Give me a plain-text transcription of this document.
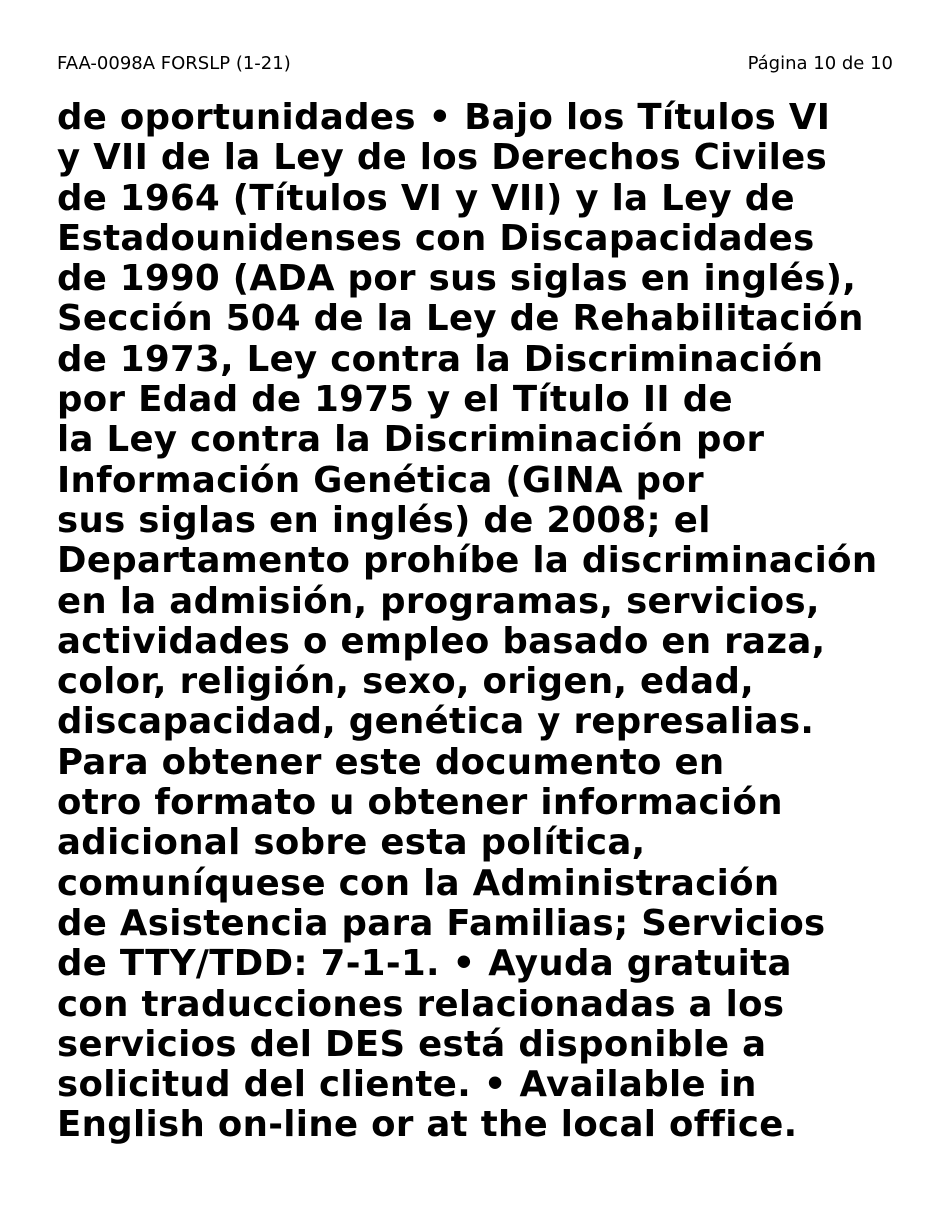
FAA-0098A FORSLP (1-21)	Página 10 de 10
de oportunidades • Bajo los Títulos VI
y VII de la Ley de los Derechos Civiles
de 1964 (Títulos VI y VII) y la Ley de
Estadounidenses con Discapacidades
de 1990 (ADA por sus siglas en inglés),
Sección 504 de la Ley de Rehabilitación
de 1973, Ley contra la Discriminación
por Edad de 1975 y el Título II de
la Ley contra la Discriminación por
Información Genética (GINA por
sus siglas en inglés) de 2008; el
Departamento prohíbe la discriminación
en la admisión, programas, servicios,
actividades o empleo basado en raza,
color, religión, sexo, origen, edad,
discapacidad, genética y represalias.
Para obtener este documento en
otro formato u obtener información
adicional sobre esta política,
comuníquese con la Administración
de Asistencia para Familias; Servicios
de TTY/TDD: 7-1-1. • Ayuda gratuita
con traducciones relacionadas a los
servicios del DES está disponible a
solicitud del cliente. • Available in
English on-line or at the local office.
